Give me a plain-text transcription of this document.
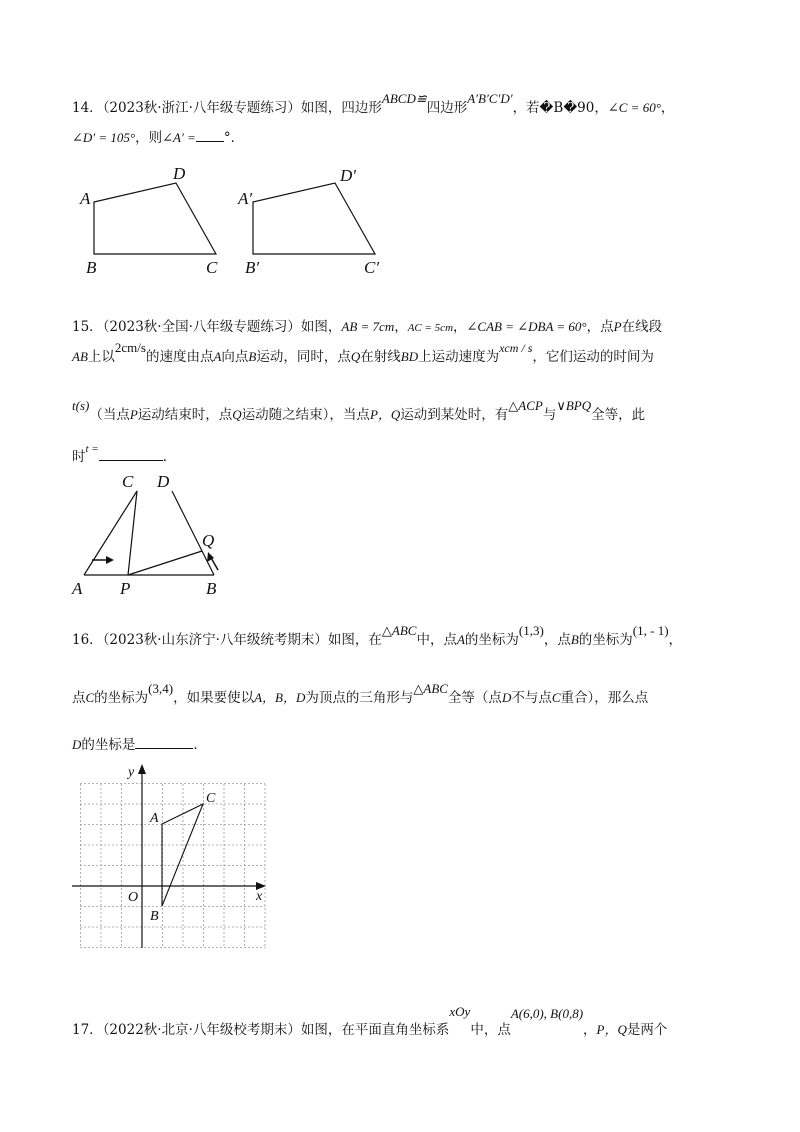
14．（2023秋·浙江·八年级专题练习）如图，四边形ABCD≌四边形A′B′C′D′，若�B�90，∠C = 60°，
∠D′ = 105°，则∠A′ = °．
A
B	C
D
A′
B′	C′
D′
A	B
C D
P
Q
y
x
O
A
B
C
15．（2023秋·全国·八年级专题练习）如图，AB = 7cm，AC = 5cm，∠CAB = ∠DBA = 60°，点P在线段
AB上以2cm/s的速度由点A向点B运动，同时，点Q在射线BD上运动速度为xcm / s，它们运动的时间为
t(s)（当点P运动结束时，点Q运动随之结束），当点P，Q运动到某处时，有△ACP与∨BPQ全等，此
时$^{t =}$	．
16．（2023秋·山东济宁·八年级统考期末）如图，在△ABC中，点A的坐标为(1,3)，点B的坐标为(1, - 1)，
点C的坐标为(3,4)，如果要使以A，B，D为顶点的三角形与△ABC全等（点D不与点C重合），那么点
D的坐标是	．
17．（2022秋·北京·八年级校考期末）如图，在平面直角坐标系xOy中，点A(6,0), B(0,8)，P，Q是两个
